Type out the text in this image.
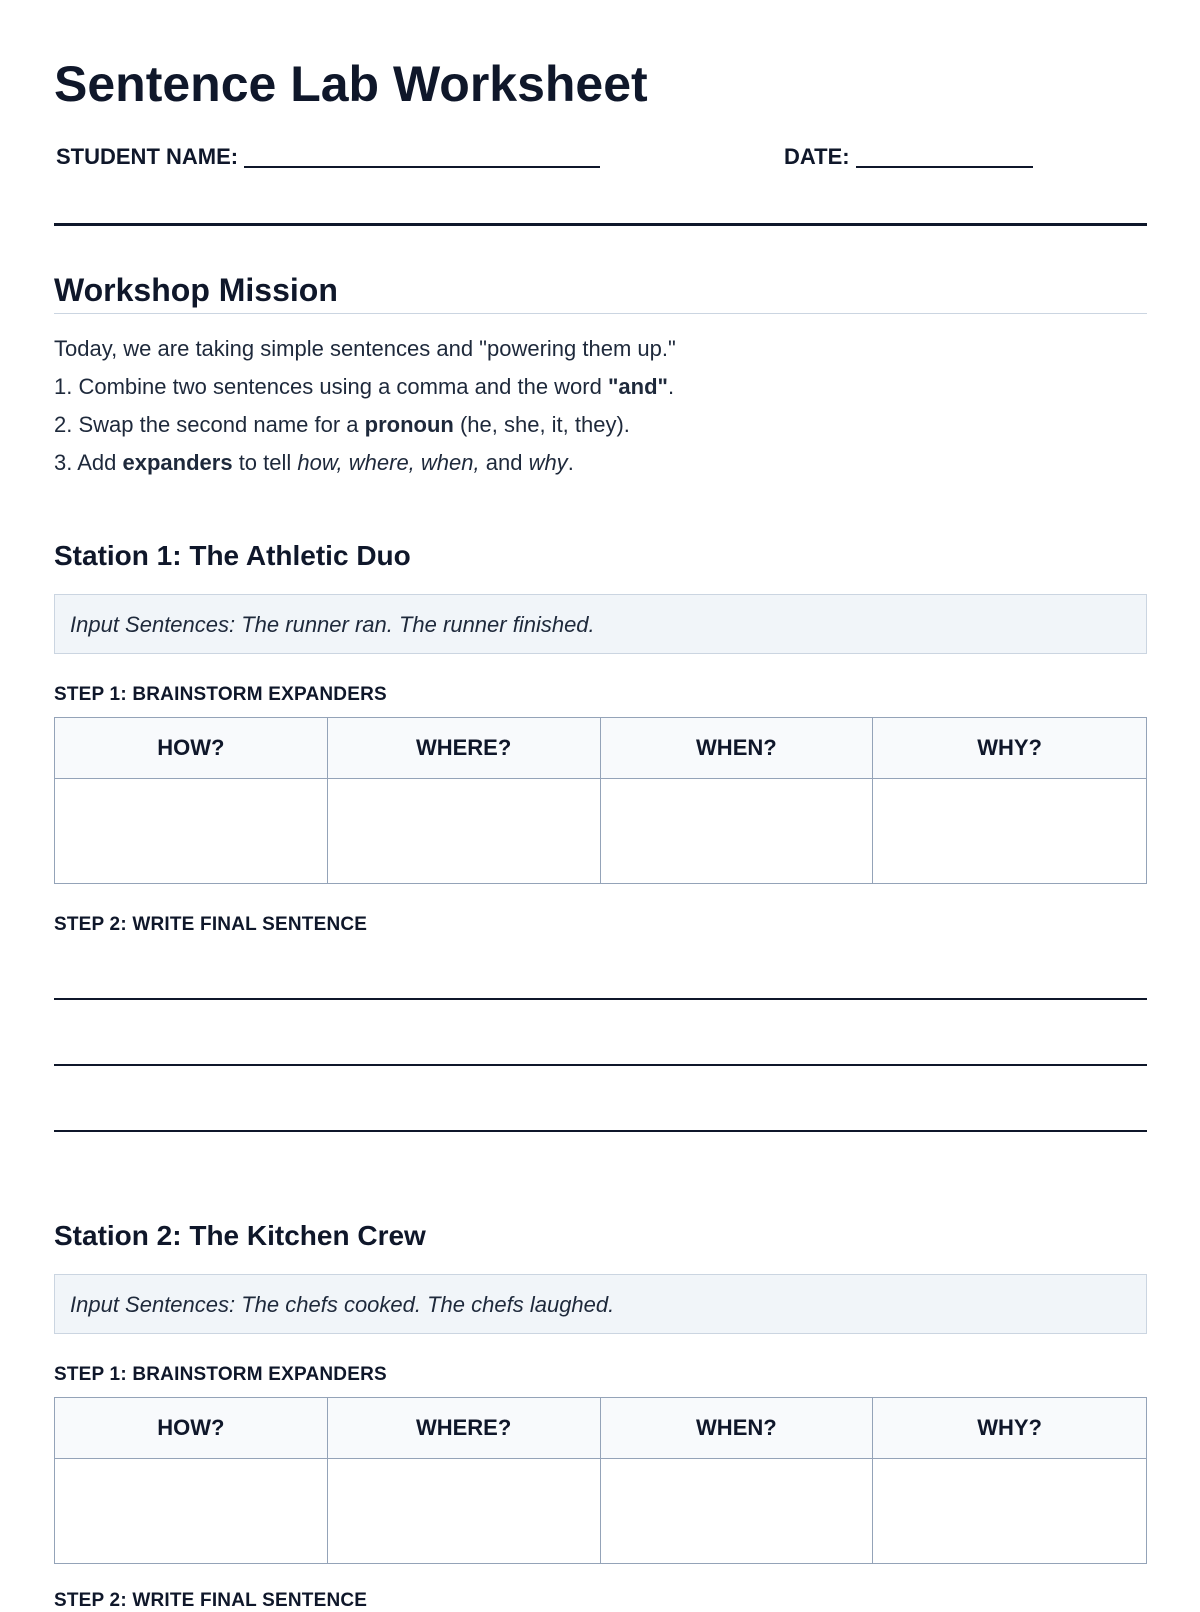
Sentence Lab Worksheet
STUDENT NAME:	DATE:
Workshop Mission

Today, we are taking simple sentences and "powering them up."

1. Combine two sentences using a comma and the word "and".

2. Swap the second name for a pronoun (he, she, it, they).

3. Add expanders to tell how, where, when, and why.

Station 1: The Athletic Duo
Input Sentences: The runner ran. The runner finished.
STEP 1: BRAINSTORM EXPANDERS
HOW?	WHERE?	WHEN?	WHY?
STEP 2: WRITE FINAL SENTENCE
Station 2: The Kitchen Crew
Input Sentences: The chefs cooked. The chefs laughed.
STEP 1: BRAINSTORM EXPANDERS
HOW?	WHERE?	WHEN?	WHY?
STEP 2: WRITE FINAL SENTENCE
